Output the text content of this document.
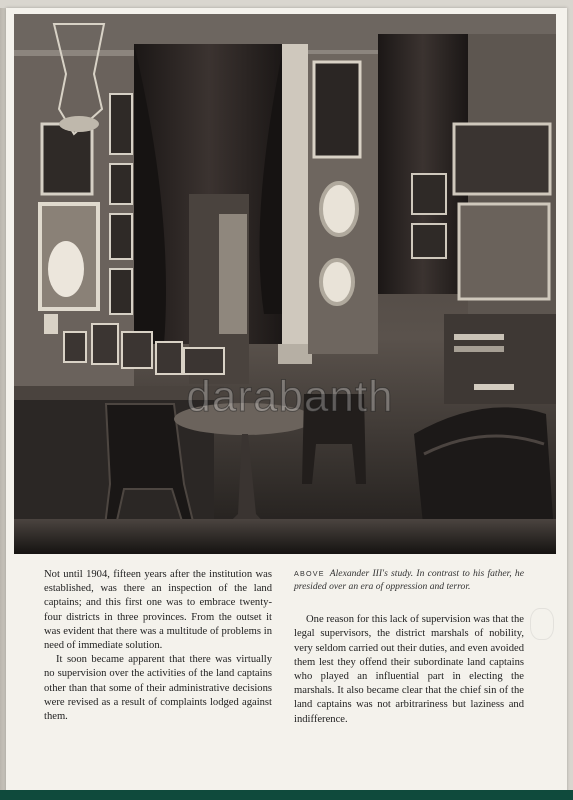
darabanth

Not until 1904, fifteen years after the institution was established, was there an inspection of the land captains; and this first one was to embrace twenty-four districts in three provinces. From the outset it was evident that there was a multitude of problems in need of immediate solution.

It soon became apparent that there was virtually no supervision over the activities of the land captains other than that some of their administrative decisions were revised as a result of complaints lodged against them.

ABOVE Alexander III's study. In contrast to his father, he presided over an era of oppression and terror.

One reason for this lack of supervision was that the legal supervisors, the district marshals of nobility, very seldom carried out their duties, and even avoided them lest they offend their subordinate land captains who played an influential part in electing the marshals. It also became clear that the chief sin of the land captains was not arbitrariness but laziness and indifference.
